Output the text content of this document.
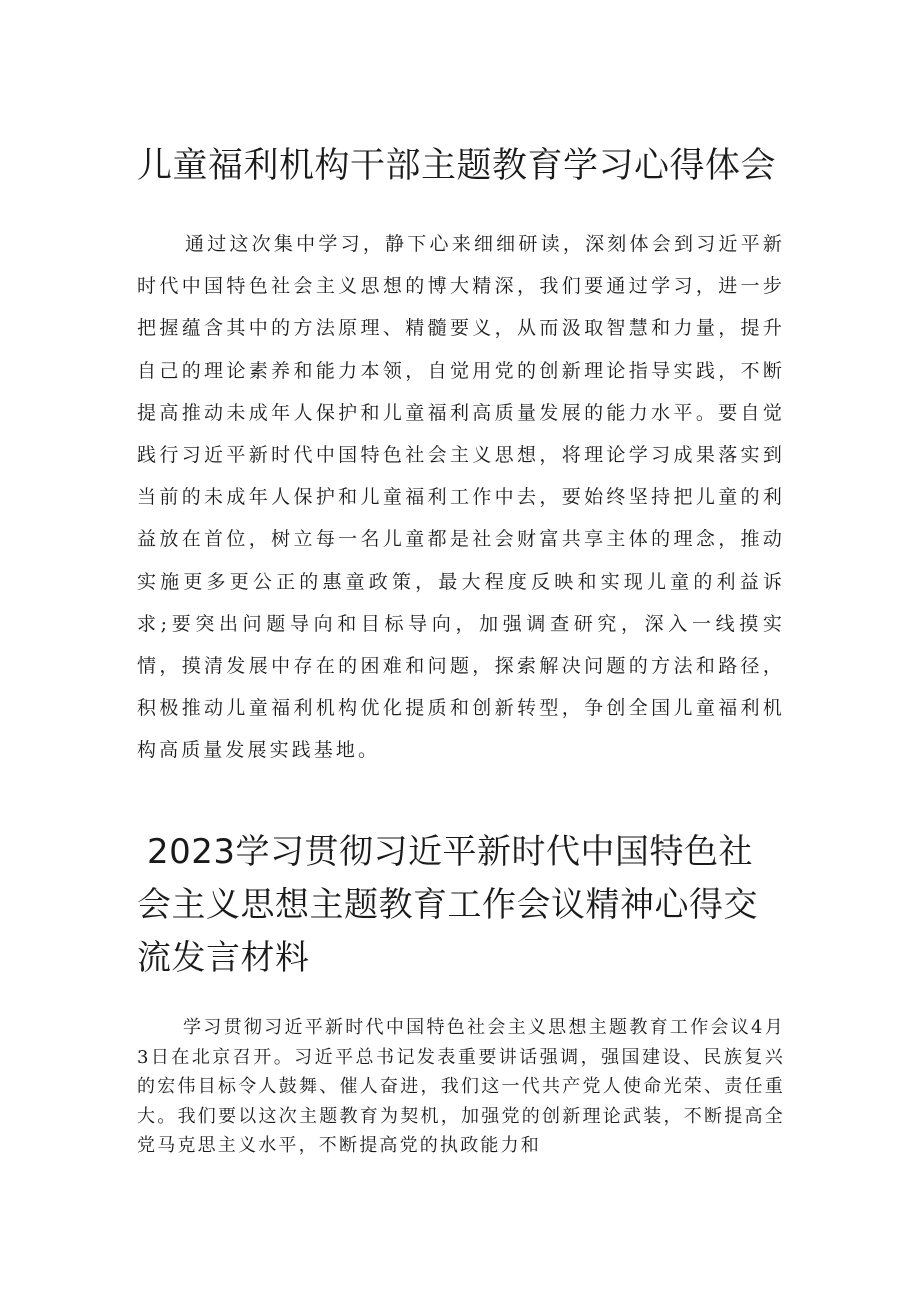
儿童福利机构干部主题教育学习心得体会

通过这次集中学习，静下心来细细研读，深刻体会到习近平新时代中国特色社会主义思想的博大精深，我们要通过学习，进一步把握蕴含其中的方法原理、精髓要义，从而汲取智慧和力量，提升自己的理论素养和能力本领，自觉用党的创新理论指导实践，不断提高推动未成年人保护和儿童福利高质量发展的能力水平。要自觉践行习近平新时代中国特色社会主义思想，将理论学习成果落实到当前的未成年人保护和儿童福利工作中去，要始终坚持把儿童的利益放在首位，树立每一名儿童都是社会财富共享主体的理念，推动实施更多更公正的惠童政策，最大程度反映和实现儿童的利益诉求;要突出问题导向和目标导向，加强调查研究，深入一线摸实情，摸清发展中存在的困难和问题，探索解决问题的方法和路径，积极推动儿童福利机构优化提质和创新转型，争创全国儿童福利机构高质量发展实践基地。

2023学习贯彻习近平新时代中国特色社会主义思想主题教育工作会议精神心得交流发言材料

学习贯彻习近平新时代中国特色社会主义思想主题教育工作会议4月3日在北京召开。习近平总书记发表重要讲话强调，强国建设、民族复兴的宏伟目标令人鼓舞、催人奋进，我们这一代共产党人使命光荣、责任重大。我们要以这次主题教育为契机，加强党的创新理论武装，不断提高全党马克思主义水平，不断提高党的执政能力和
